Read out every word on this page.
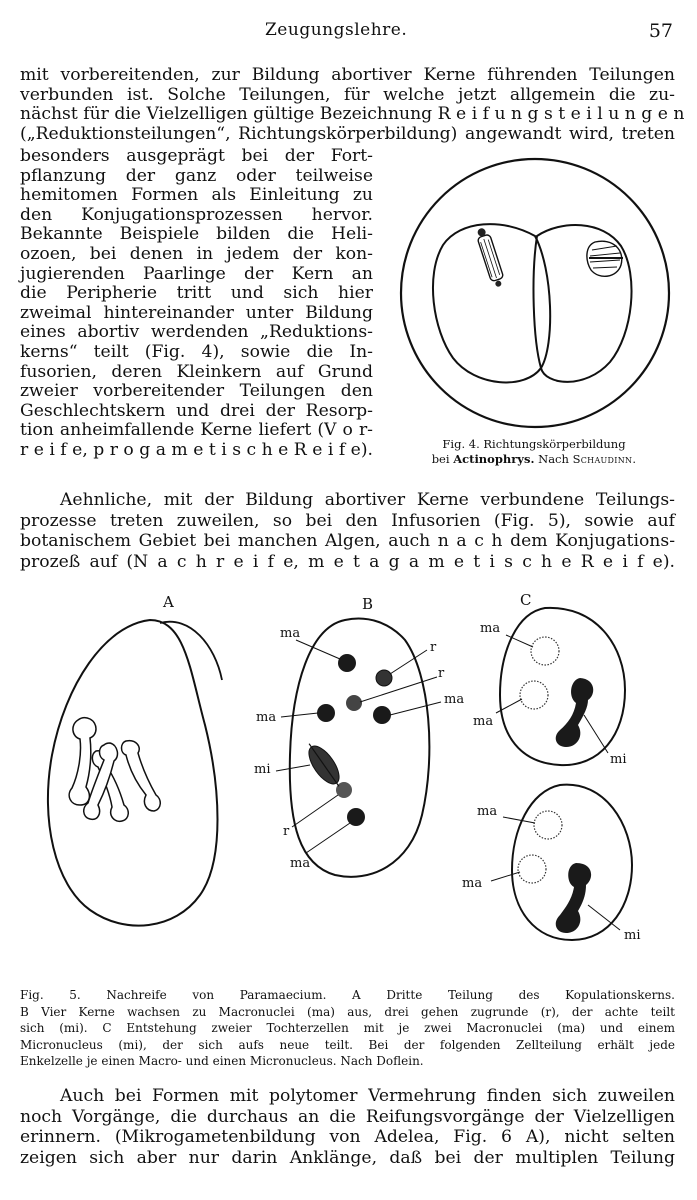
Zeugungslehre.	57
mit vorbereitenden, zur Bildung abortiver Kerne führenden Teilungen
verbunden ist. Solche Teilungen, für welche jetzt allgemein die zu-
nächst für die Vielzelligen gültige Bezeichnung R e i f u n g s t e i l u n g e n
(„Reduktionsteilungen“, Richtungskörperbildung) angewandt wird, treten
besonders ausgeprägt bei der Fort-
pflanzung der ganz oder teilweise
hemitomen Formen als Einleitung zu
den Konjugationsprozessen hervor.
Bekannte Beispiele bilden die Heli-
ozoen, bei denen in jedem der kon-
jugierenden Paarlinge der Kern an
die Peripherie tritt und sich hier
zweimal hintereinander unter Bildung
eines abortiv werdenden „Reduktions-
kerns“ teilt (Fig. 4), sowie die In-
fusorien, deren Kleinkern auf Grund
zweier vorbereitender Teilungen den
Geschlechtskern und drei der Resorp-
tion anheimfallende Kerne liefert (V o r-
r e i f e, p r o g a m e t i s c h e R e i f e).	Fig. 4. Richtungskörperbildung
bei Actinophrys. Nach Schaudinn.
Aehnliche, mit der Bildung abortiver Kerne verbundene Teilungs-
prozesse treten zuweilen, so bei den Infusorien (Fig. 5), sowie auf
botanischem Gebiet bei manchen Algen, auch n a c h dem Konjugations-
prozeß auf (N a c h r e i f e, m e t a g a m e t i s c h e R e i f e).
A	B
ma
r
r
ma
ma
mi
r
ma
C
ma
ma
mi
ma
ma
mi
Fig. 5. Nachreife von Paramaecium. A Dritte Teilung des Kopulationskerns.
B Vier Kerne wachsen zu Macronuclei (ma) aus, drei gehen zugrunde (r), der achte teilt
sich (mi). C Entstehung zweier Tochterzellen mit je zwei Macronuclei (ma) und einem
Micronucleus (mi), der sich aufs neue teilt. Bei der folgenden Zellteilung erhält jede
Enkelzelle je einen Macro- und einen Micronucleus. Nach Doflein.
Auch bei Formen mit polytomer Vermehrung finden sich zuweilen
noch Vorgänge, die durchaus an die Reifungsvorgänge der Vielzelligen
erinnern. (Mikrogametenbildung von Adelea, Fig. 6 A), nicht selten
zeigen sich aber nur darin Anklänge, daß bei der multiplen Teilung
